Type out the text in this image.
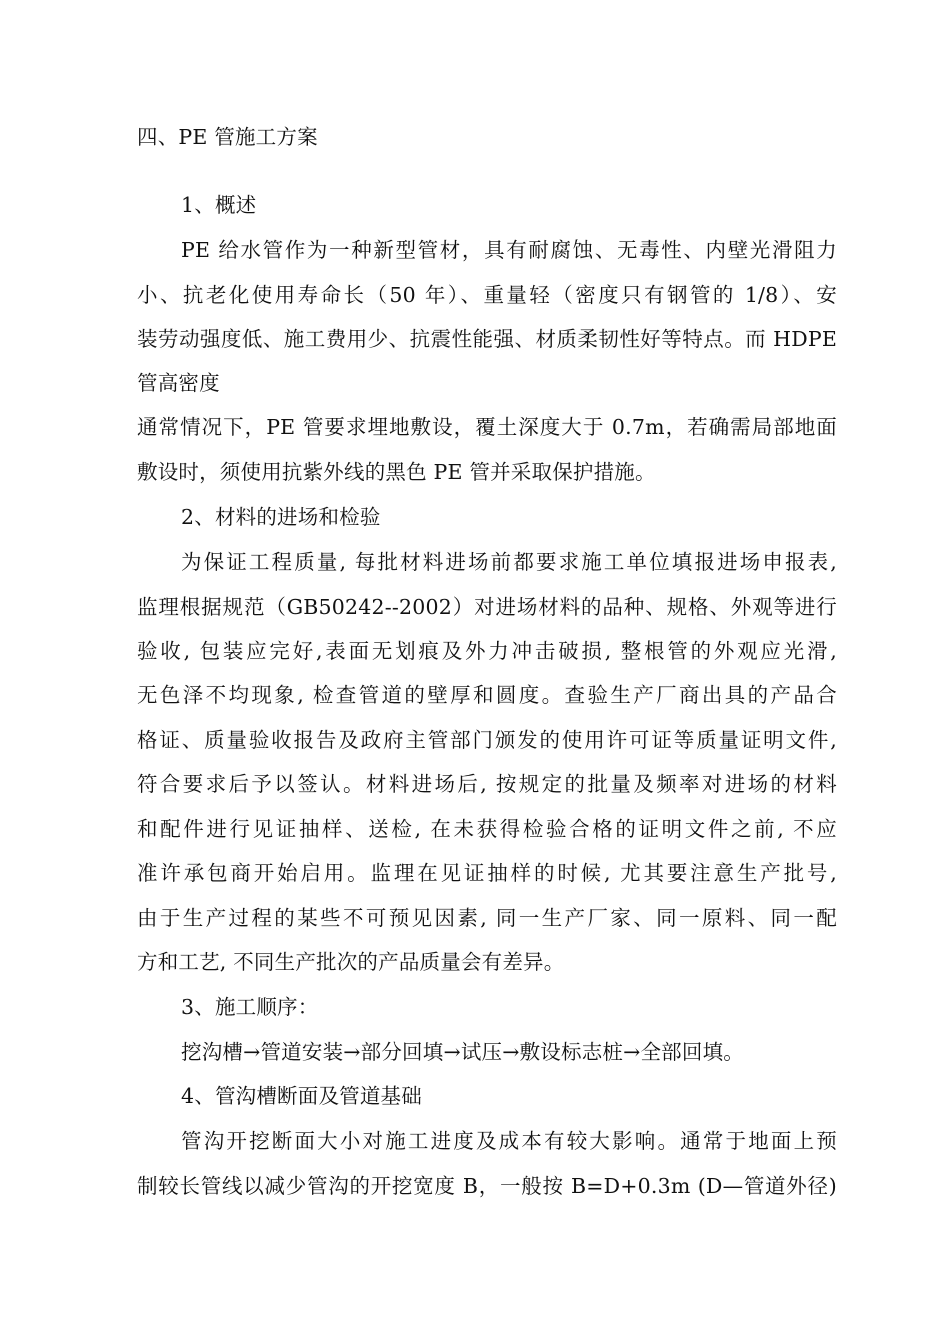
四、PE 管施工方案
1、概述
PE 给水管作为一种新型管材，具有耐腐蚀、无毒性、内壁光滑阻力
小、抗老化使用寿命长（50 年）、重量轻（密度只有钢管的 1/8）、安
装劳动强度低、施工费用少、抗震性能强、材质柔韧性好等特点。而 HDPE
管高密度
通常情况下，PE 管要求埋地敷设，覆土深度大于 0.7m，若确需局部地面
敷设时，须使用抗紫外线的黑色 PE 管并采取保护措施。
2、材料的进场和检验
为保证工程质量, 每批材料进场前都要求施工单位填报进场申报表,
监理根据规范（GB50242--2002）对进场材料的品种、规格、外观等进行
验收, 包装应完好,表面无划痕及外力冲击破损, 整根管的外观应光滑,
无色泽不均现象, 检查管道的壁厚和圆度。查验生产厂商出具的产品合
格证、质量验收报告及政府主管部门颁发的使用许可证等质量证明文件,
符合要求后予以签认。材料进场后, 按规定的批量及频率对进场的材料
和配件进行见证抽样、送检, 在未获得检验合格的证明文件之前, 不应
准许承包商开始启用。监理在见证抽样的时候, 尤其要注意生产批号,
由于生产过程的某些不可预见因素, 同一生产厂家、同一原料、同一配
方和工艺, 不同生产批次的产品质量会有差异。
3、施工顺序：
挖沟槽→管道安装→部分回填→试压→敷设标志桩→全部回填。
4、管沟槽断面及管道基础
管沟开挖断面大小对施工进度及成本有较大影响。通常于地面上预
制较长管线以减少管沟的开挖宽度 B，一般按 B=D+0.3m (D—管道外径)
